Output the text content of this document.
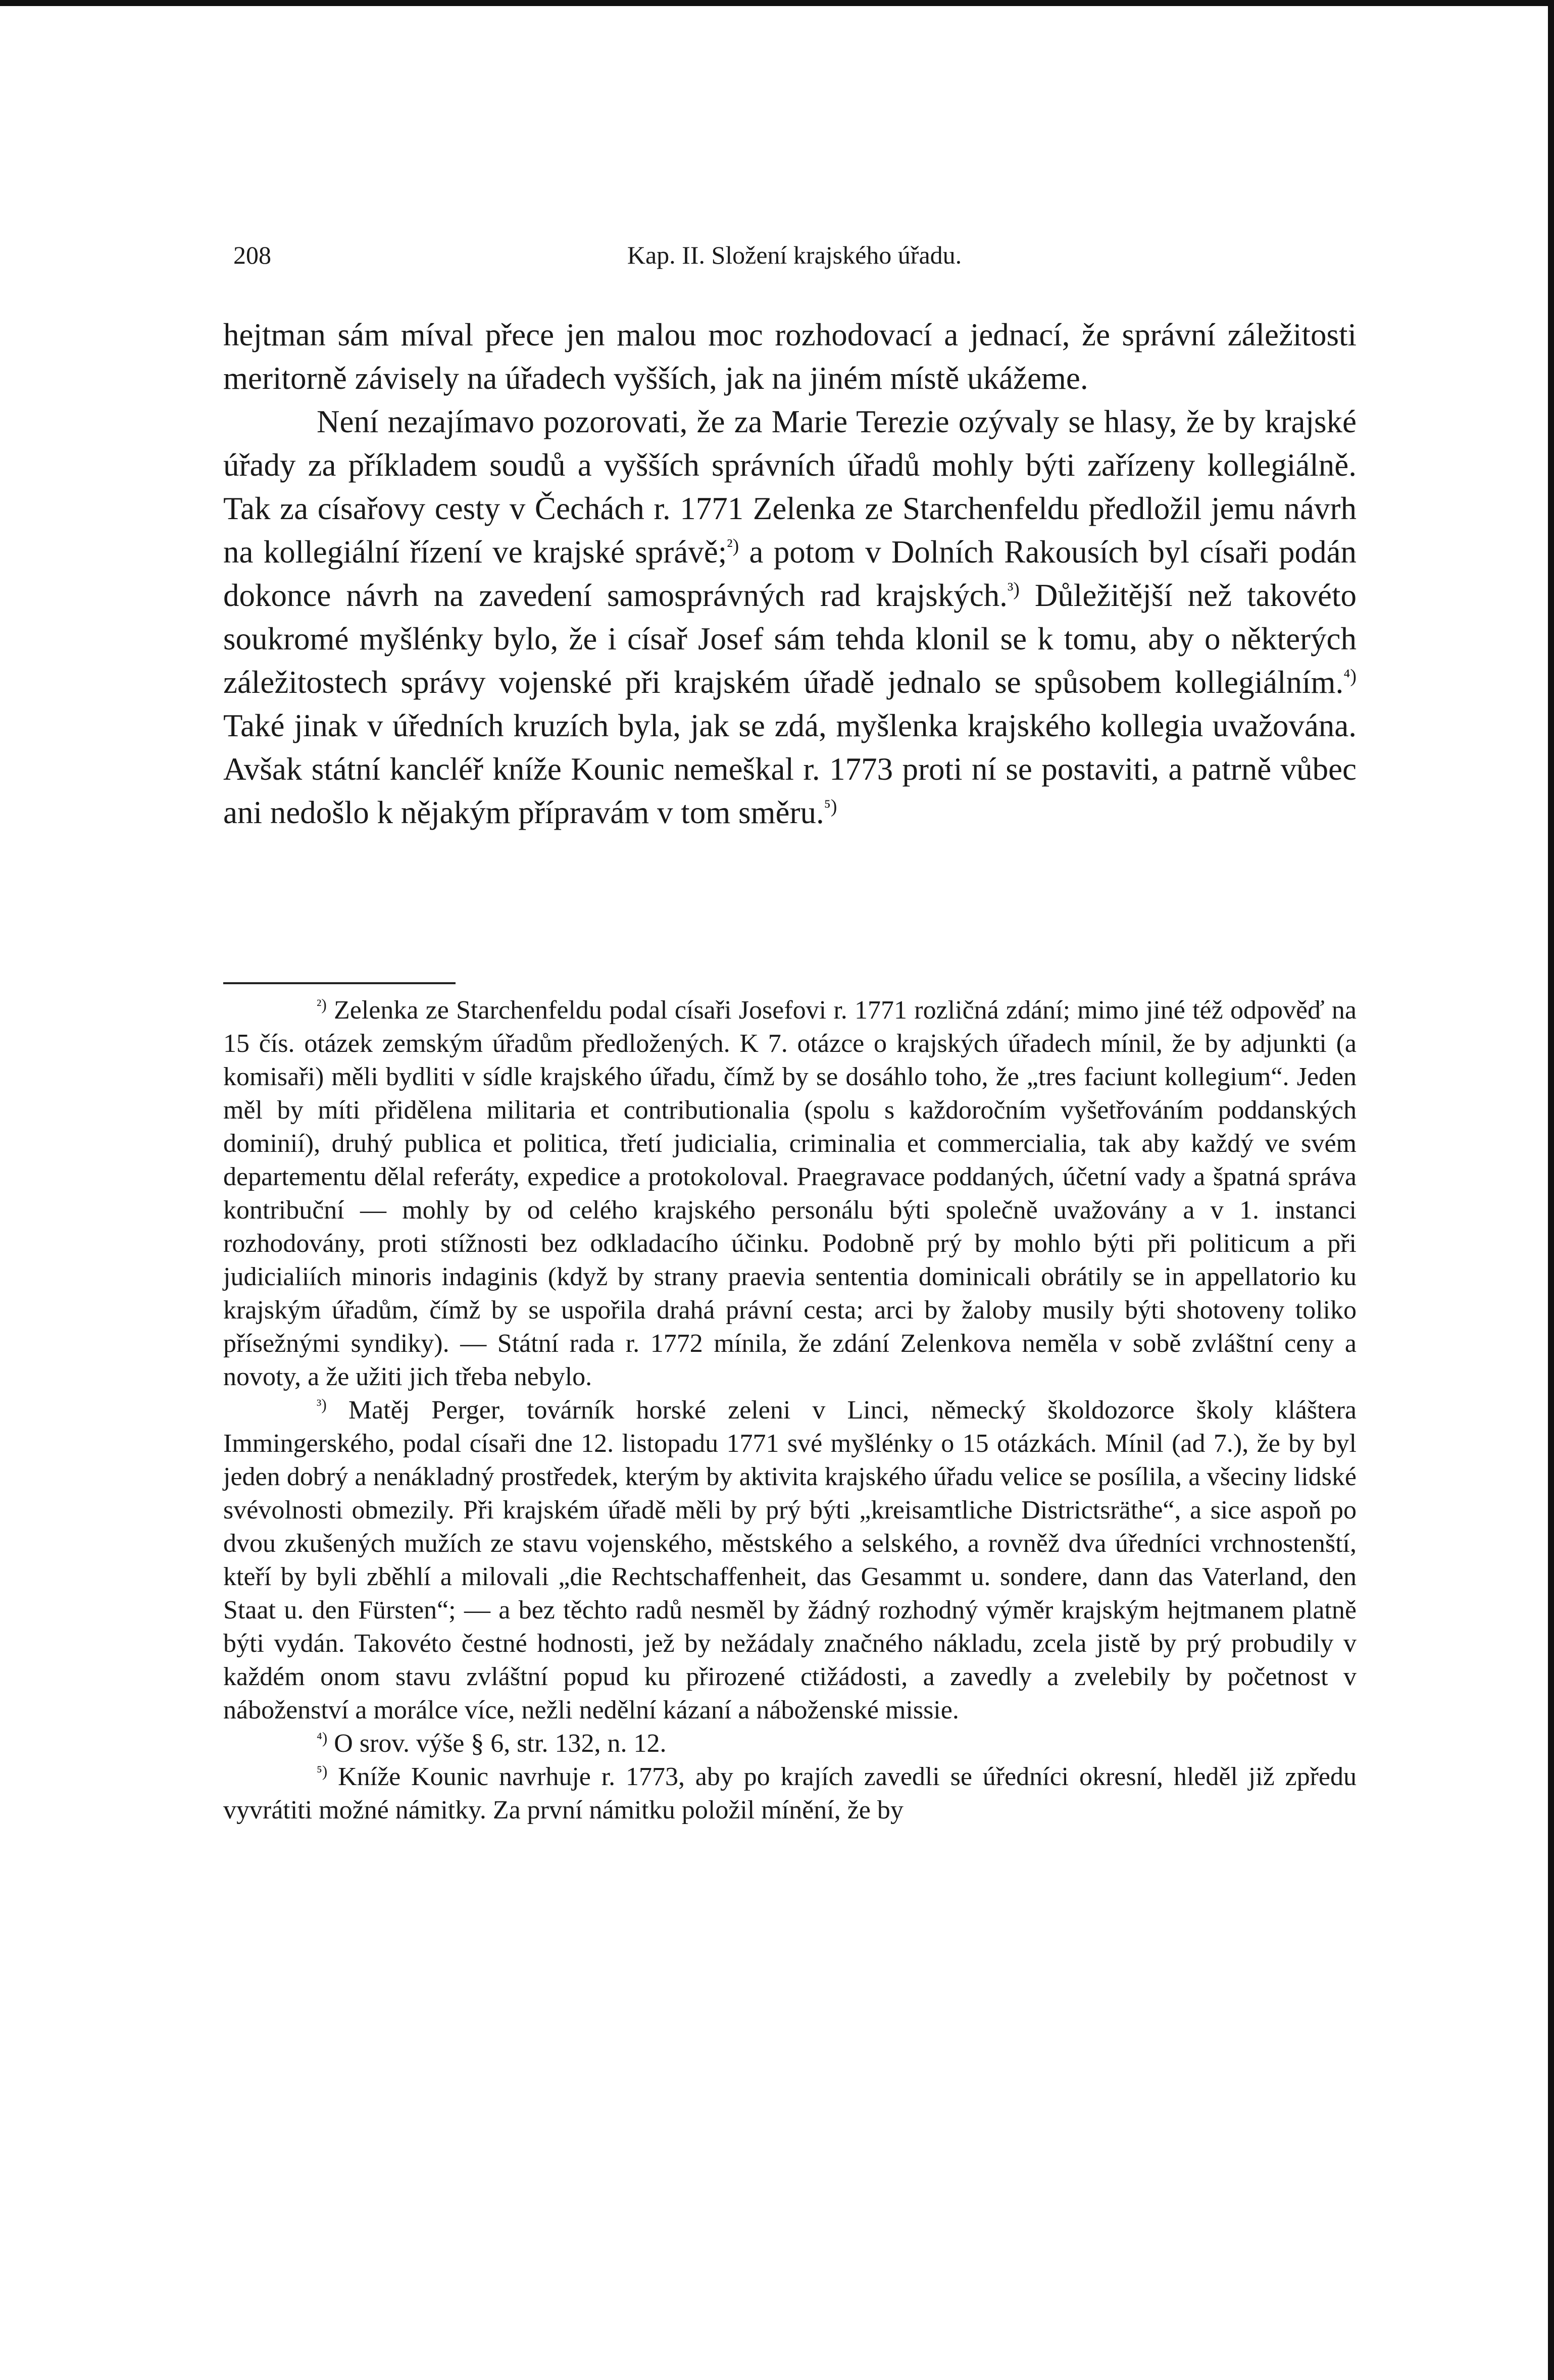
208	Kap. II. Složení krajského úřadu.

hejtman sám míval přece jen malou moc rozhodovací a jednací, že správní záležitosti meritorně závisely na úřadech vyšších, jak na jiném místě ukážeme.

Není nezajímavo pozorovati, že za Marie Terezie ozývaly se hlasy, že by krajské úřady za příkladem soudů a vyšších správních úřadů mohly býti zařízeny kollegiálně. Tak za císařovy cesty v Čechách r. 1771 Zelenka ze Starchenfeldu předložil jemu návrh na kollegiální řízení ve krajské správě;$^{^2)}$ a potom v Dolních Rakousích byl císaři podán dokonce návrh na zavedení samosprávných rad krajských.$^{^3)}$ Důležitější než takovéto soukromé myšlénky bylo, že i císař Josef sám tehda klonil se k tomu, aby o některých záležitostech správy vojenské při krajském úřadě jednalo se spůsobem kollegiálním.$^{^4)}$ Také jinak v úředních kruzích byla, jak se zdá, myšlenka krajského kollegia uvažována. Avšak státní kancléř kníže Kounic nemeškal r. 1773 proti ní se postaviti, a patrně vůbec ani nedošlo k nějakým přípravám v tom směru.$^{^5)}$

$^{^2)}$ Zelenka ze Starchenfeldu podal císaři Josefovi r. 1771 rozličná zdání; mimo jiné též odpověď na 15 čís. otázek zemským úřadům předložených. K 7. otázce o krajských úřadech mínil, že by adjunkti (a komisaři) měli bydliti v sídle krajského úřadu, čímž by se dosáhlo toho, že „tres faciunt kollegium“. Jeden měl by míti přidělena militaria et contributionalia (spolu s každoročním vyšetřováním poddanských dominií), druhý publica et politica, třetí judicialia, criminalia et commercialia, tak aby každý ve svém departementu dělal referáty, expedice a protokoloval. Praegravace poddaných, účetní vady a špatná správa kontribuční — mohly by od celého krajského personálu býti společně uvažovány a v 1. instanci rozhodovány, proti stížnosti bez odkladacího účinku. Podobně prý by mohlo býti při politicum a při judicialiích minoris indaginis (když by strany praevia sententia dominicali obrátily se in appellatorio ku krajským úřadům, čímž by se uspořila drahá právní cesta; arci by žaloby musily býti shotoveny toliko přísežnými syndiky). — Státní rada r. 1772 mínila, že zdání Zelenkova neměla v sobě zvláštní ceny a novoty, a že užiti jich třeba nebylo.

$^{^3)}$ Matěj Perger, továrník horské zeleni v Linci, německý školdozorce školy kláštera Immingerského, podal císaři dne 12. listopadu 1771 své myšlénky o 15 otázkách. Mínil (ad 7.), že by byl jeden dobrý a nenákladný prostředek, kterým by aktivita krajského úřadu velice se posílila, a všeciny lidské svévolnosti obmezily. Při krajském úřadě měli by prý býti „kreisamtliche Districtsräthe“, a sice aspoň po dvou zkušených mužích ze stavu vojenského, městského a selského, a rovněž dva úředníci vrchnostenští, kteří by byli zběhlí a milovali „die Rechtschaffenheit, das Gesammt u. sondere, dann das Vaterland, den Staat u. den Fürsten“; — a bez těchto radů nesměl by žádný rozhodný výměr krajským hejtmanem platně býti vydán. Takovéto čestné hodnosti, jež by nežádaly značného nákladu, zcela jistě by prý probudily v každém onom stavu zvláštní popud ku přirozené ctižádosti, a zavedly a zvelebily by početnost v náboženství a morálce více, nežli nedělní kázaní a náboženské missie.

$^{^4)}$ O srov. výše § 6, str. 132, n. 12.

$^{^5)}$ Kníže Kounic navrhuje r. 1773, aby po krajích zavedli se úředníci okresní, hleděl již zpředu vyvrátiti možné námitky. Za první námitku položil mínění, že by
